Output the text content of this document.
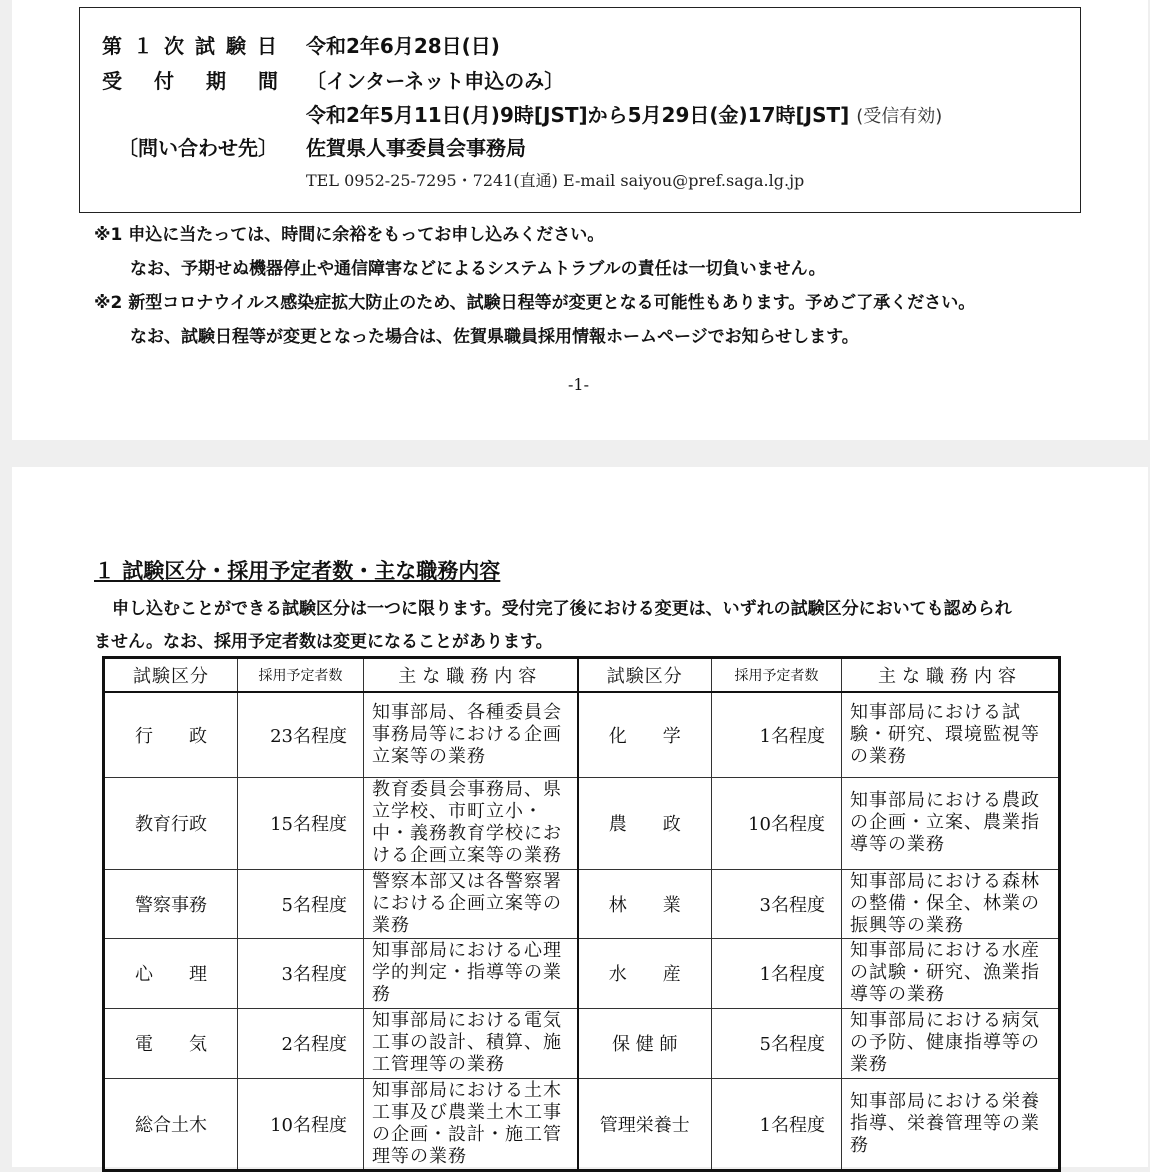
第１次試験日 令和2年6月28日(日)
受付期間
〔インターネット申込のみ〕
令和2年5月11日(月)9時[JST]から5月29日(金)17時[JST] (受信有効)
〔問い合わせ先〕 佐賀県人事委員会事務局
TEL 0952-25-7295・7241(直通) E-mail saiyou@pref.saga.lg.jp
※1 申込に当たっては、時間に余裕をもってお申し込みください。
なお、予期せぬ機器停止や通信障害などによるシステムトラブルの責任は一切負いません。
※2 新型コロナウイルス感染症拡大防止のため、試験日程等が変更となる可能性もあります。予めご了承ください。
なお、試験日程等が変更となった場合は、佐賀県職員採用情報ホームページでお知らせします。
-1-
１ 試験区分・採用予定者数・主な職務内容
申し込むことができる試験区分は一つに限ります。受付完了後における変更は、いずれの試験区分においても認められ
ません。なお、採用予定者数は変更になることがあります。
試験区分	採用予定者数	主な職務内容	試験区分	採用予定者数	主な職務内容
行　　政	23名程度	知事部局、各種委員会事務局等における企画立案等の業務	化　　学	1名程度	知事部局における試験・研究、環境監視等の業務
教育行政	15名程度	教育委員会事務局、県立学校、市町立小・中・義務教育学校における企画立案等の業務	農　　政	10名程度	知事部局における農政の企画・立案、農業指導等の業務
警察事務	5名程度	警察本部又は各警察署における企画立案等の業務	林　　業	3名程度	知事部局における森林の整備・保全、林業の振興等の業務
心　　理	3名程度	知事部局における心理学的判定・指導等の業務	水　　産	1名程度	知事部局における水産の試験・研究、漁業指導等の業務
電　　気	2名程度	知事部局における電気工事の設計、積算、施工管理等の業務	保 健 師	5名程度	知事部局における病気の予防、健康指導等の業務
総合土木	10名程度	知事部局における土木工事及び農業土木工事の企画・設計・施工管理等の業務	管理栄養士	1名程度	知事部局における栄養指導、栄養管理等の業務
